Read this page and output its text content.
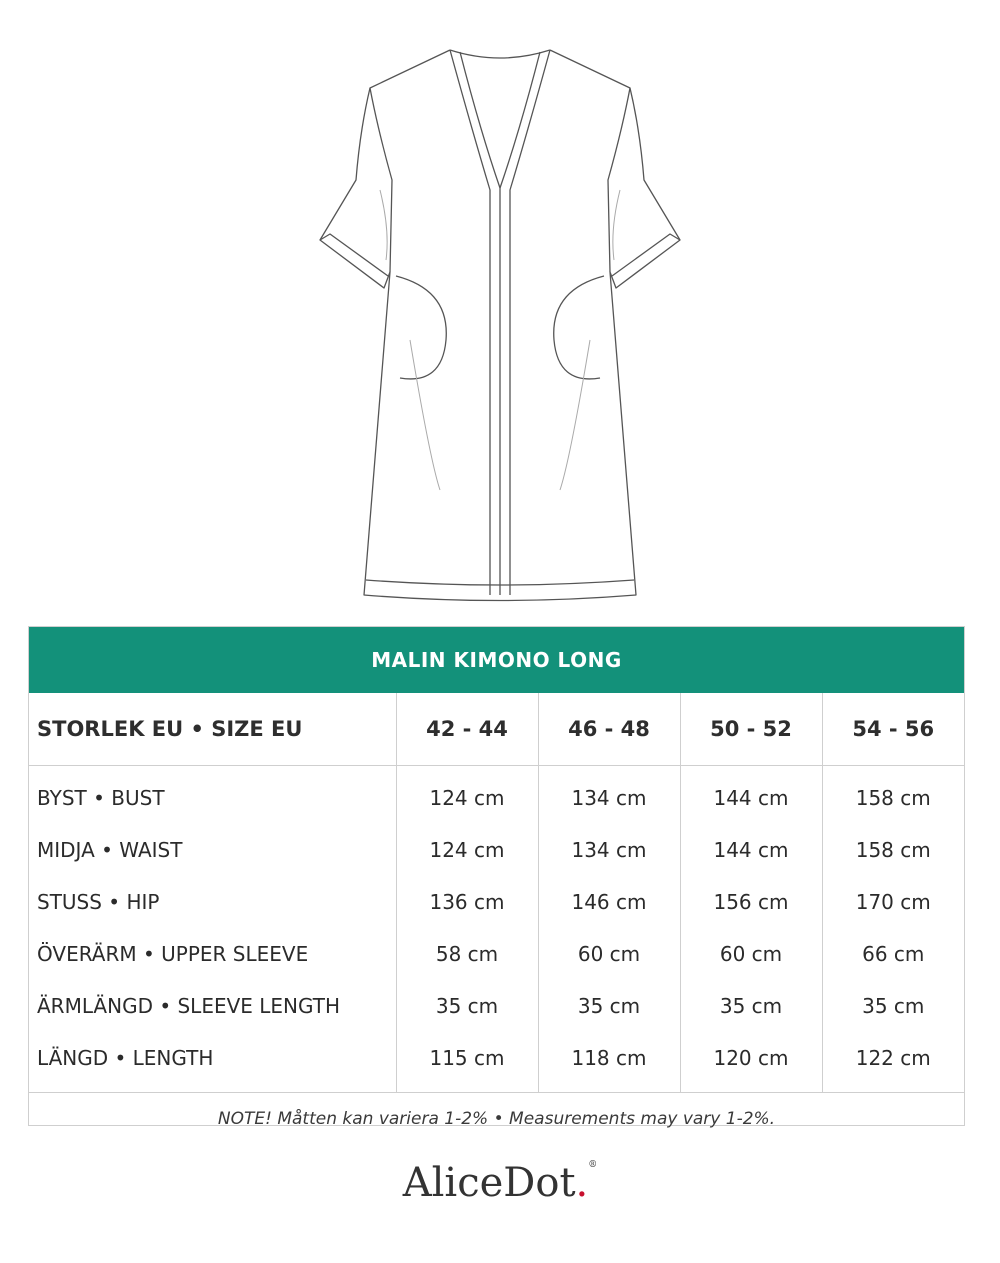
MALIN KIMONO LONG
STORLEK EU • SIZE EU	42 - 44	46 - 48	50 - 52	54 - 56
BYST • BUST	124 cm	134 cm	144 cm	158 cm
MIDJA • WAIST	124 cm	134 cm	144 cm	158 cm
STUSS • HIP	136 cm	146 cm	156 cm	170 cm
ÖVERÄRM • UPPER SLEEVE	58 cm	60 cm	60 cm	66 cm
ÄRMLÄNGD • SLEEVE LENGTH	35 cm	35 cm	35 cm	35 cm
LÄNGD • LENGTH	115 cm	118 cm	120 cm	122 cm
NOTE! Måtten kan variera 1-2% • Measurements may vary 1-2%.
AliceDot.®
